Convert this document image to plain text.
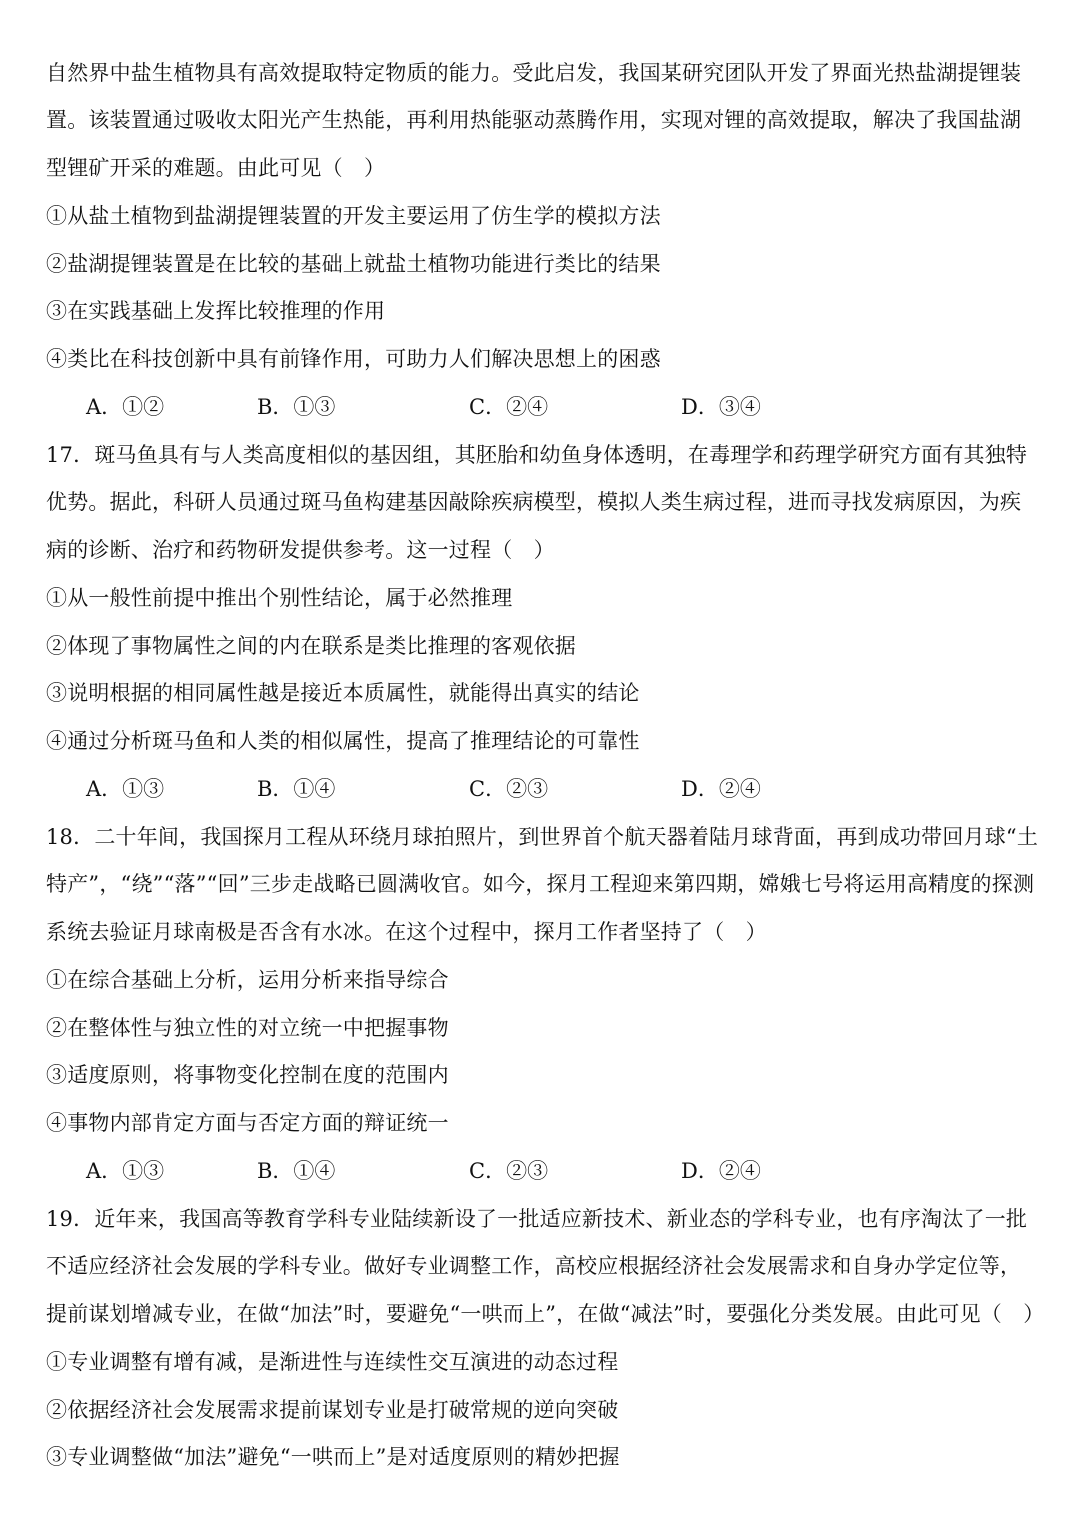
自然界中盐生植物具有高效提取特定物质的能力。受此启发，我国某研究团队开发了界面光热盐湖提锂装
置。该装置通过吸收太阳光产生热能，再利用热能驱动蒸腾作用，实现对锂的高效提取，解决了我国盐湖
型锂矿开采的难题。由此可见（　）
①从盐土植物到盐湖提锂装置的开发主要运用了仿生学的模拟方法
②盐湖提锂装置是在比较的基础上就盐土植物功能进行类比的结果
③在实践基础上发挥比较推理的作用
④类比在科技创新中具有前锋作用，可助力人们解决思想上的困惑
A．①②	B．①③	C．②④	D．③④
17．斑马鱼具有与人类高度相似的基因组，其胚胎和幼鱼身体透明，在毒理学和药理学研究方面有其独特
优势。据此，科研人员通过斑马鱼构建基因敲除疾病模型，模拟人类生病过程，进而寻找发病原因，为疾
病的诊断、治疗和药物研发提供参考。这一过程（　）
①从一般性前提中推出个别性结论，属于必然推理
②体现了事物属性之间的内在联系是类比推理的客观依据
③说明根据的相同属性越是接近本质属性，就能得出真实的结论
④通过分析斑马鱼和人类的相似属性，提高了推理结论的可靠性
A．①③	B．①④	C．②③	D．②④
18．二十年间，我国探月工程从环绕月球拍照片，到世界首个航天器着陆月球背面，再到成功带回月球“土
特产”，“绕”“落”“回”三步走战略已圆满收官。如今，探月工程迎来第四期，嫦娥七号将运用高精度的探测
系统去验证月球南极是否含有水冰。在这个过程中，探月工作者坚持了（　）
①在综合基础上分析，运用分析来指导综合
②在整体性与独立性的对立统一中把握事物
③适度原则，将事物变化控制在度的范围内
④事物内部肯定方面与否定方面的辩证统一
A．①③	B．①④	C．②③	D．②④
19．近年来，我国高等教育学科专业陆续新设了一批适应新技术、新业态的学科专业，也有序淘汰了一批
不适应经济社会发展的学科专业。做好专业调整工作，高校应根据经济社会发展需求和自身办学定位等，
提前谋划增减专业，在做“加法”时，要避免“一哄而上”，在做“减法”时，要强化分类发展。由此可见（　）
①专业调整有增有减，是渐进性与连续性交互演进的动态过程
②依据经济社会发展需求提前谋划专业是打破常规的逆向突破
③专业调整做“加法”避免“一哄而上”是对适度原则的精妙把握
